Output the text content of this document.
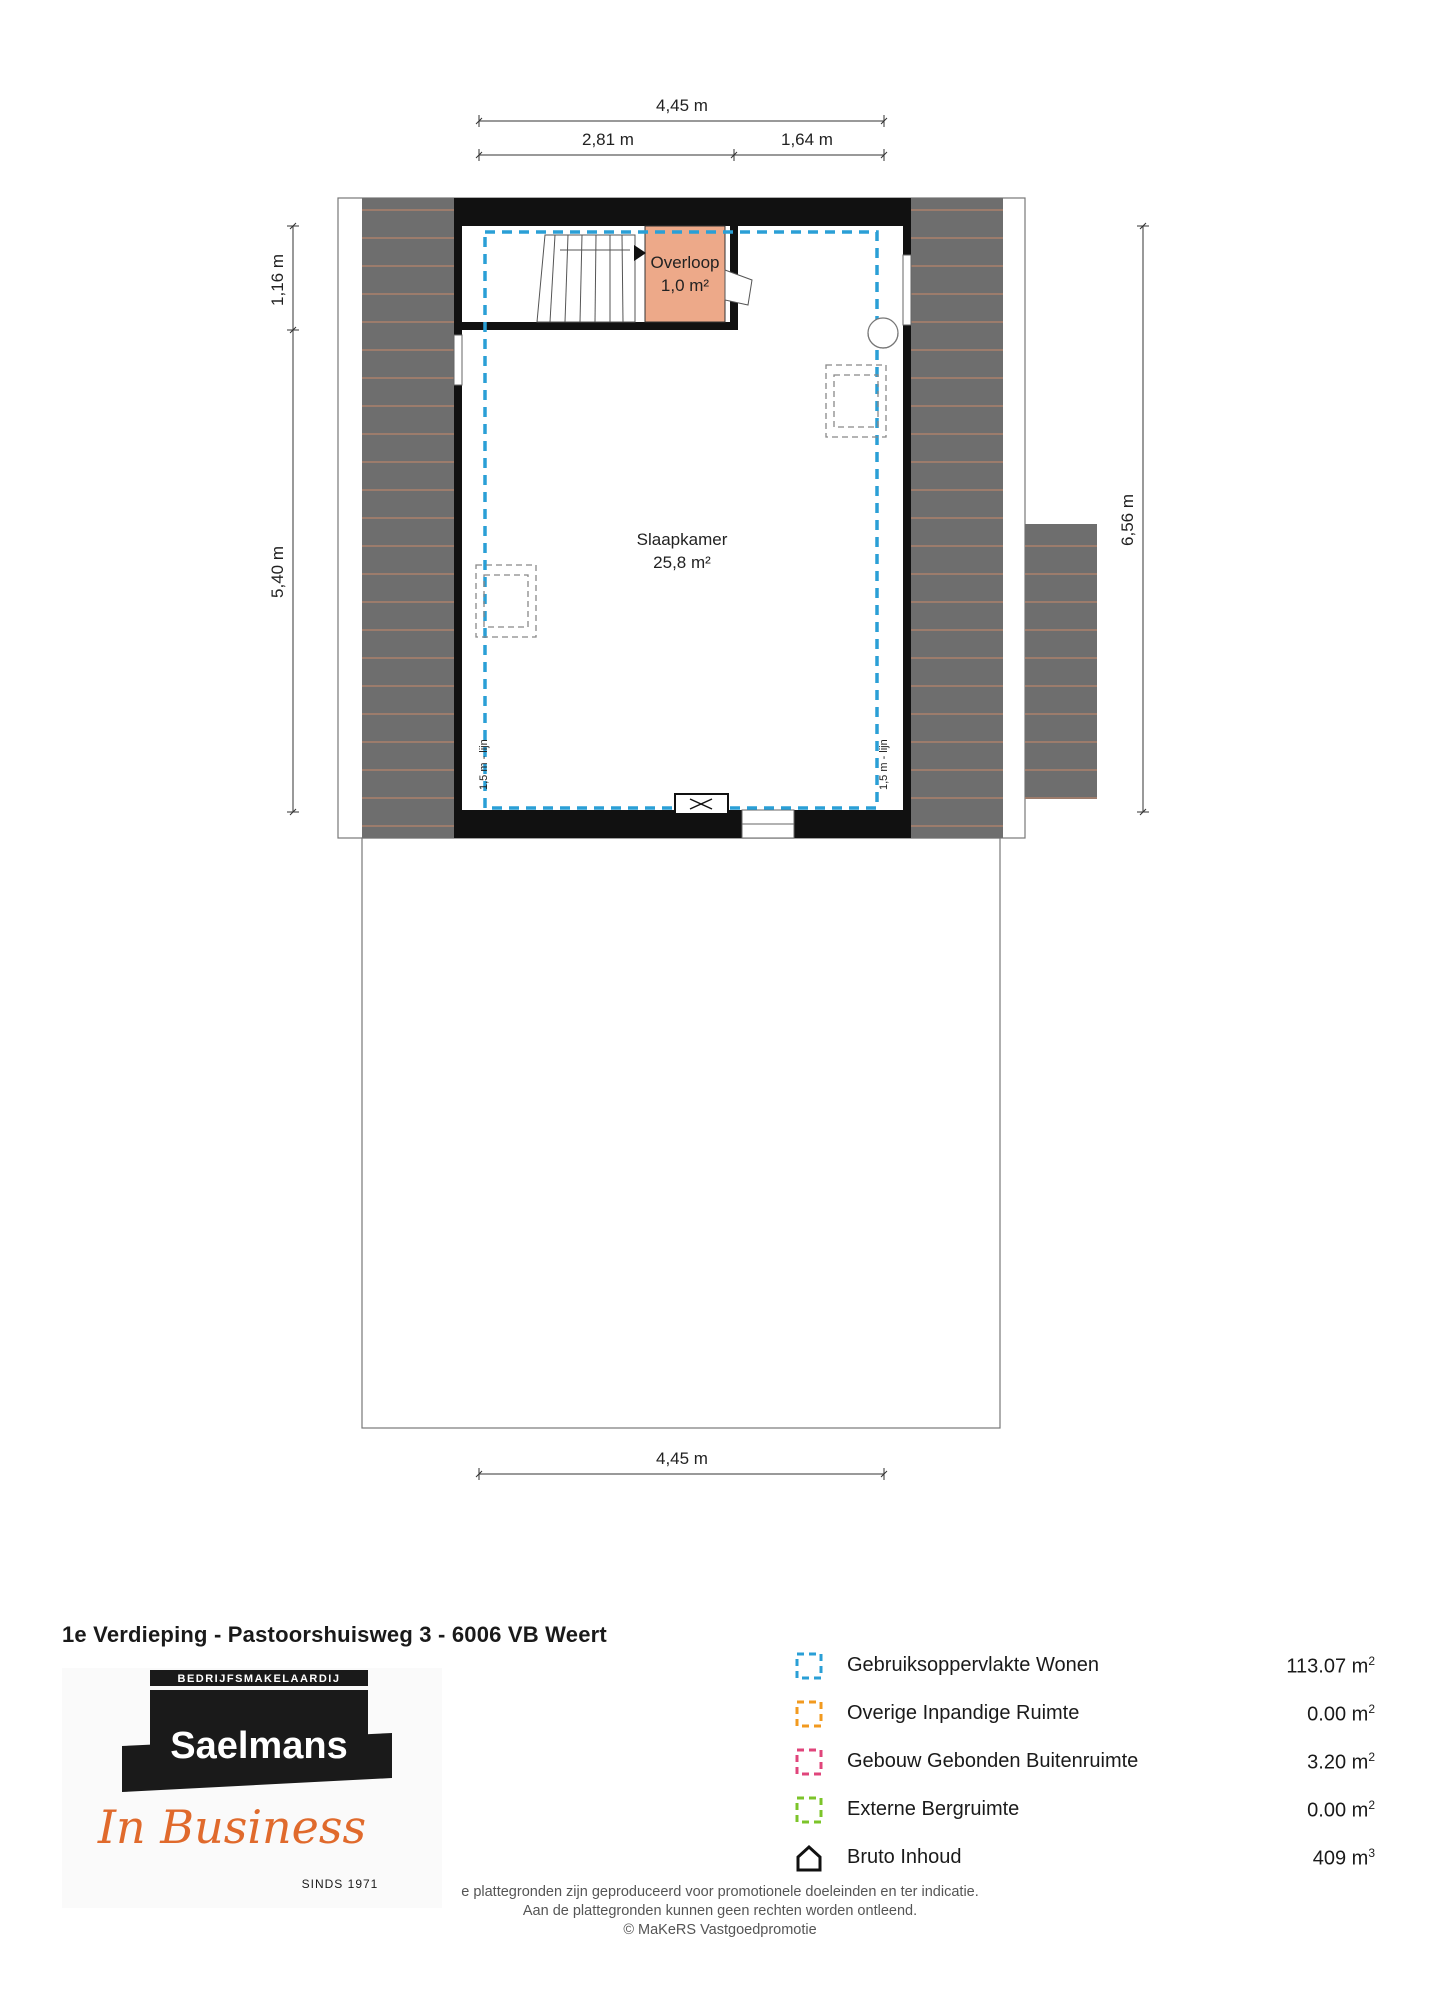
1,5 m - lijn	1,5 m - lijn
Overloop
1,0 m²
Slaapkamer
25,8 m²
4,45 m
2,81 m	1,64 m
1,16 m
5,40 m
6,56 m
4,45 m
1e Verdieping - Pastoorshuisweg 3 - 6006 VB Weert
BEDRIJFSMAKELAARDIJ
Saelmans
In Business
SINDS 1971
Gebruiksoppervlakte Wonen	113.07 $m^2$
Overige Inpandige Ruimte	0.00 $m^2$
Gebouw Gebonden Buitenruimte	3.20 $m^2$
Externe Bergruimte	0.00 $m^2$
Bruto Inhoud	409 $m^3$
e plattegronden zijn geproduceerd voor promotionele doeleinden en ter indicatie.
Aan de plattegronden kunnen geen rechten worden ontleend.
© MaKeRS Vastgoedpromotie
